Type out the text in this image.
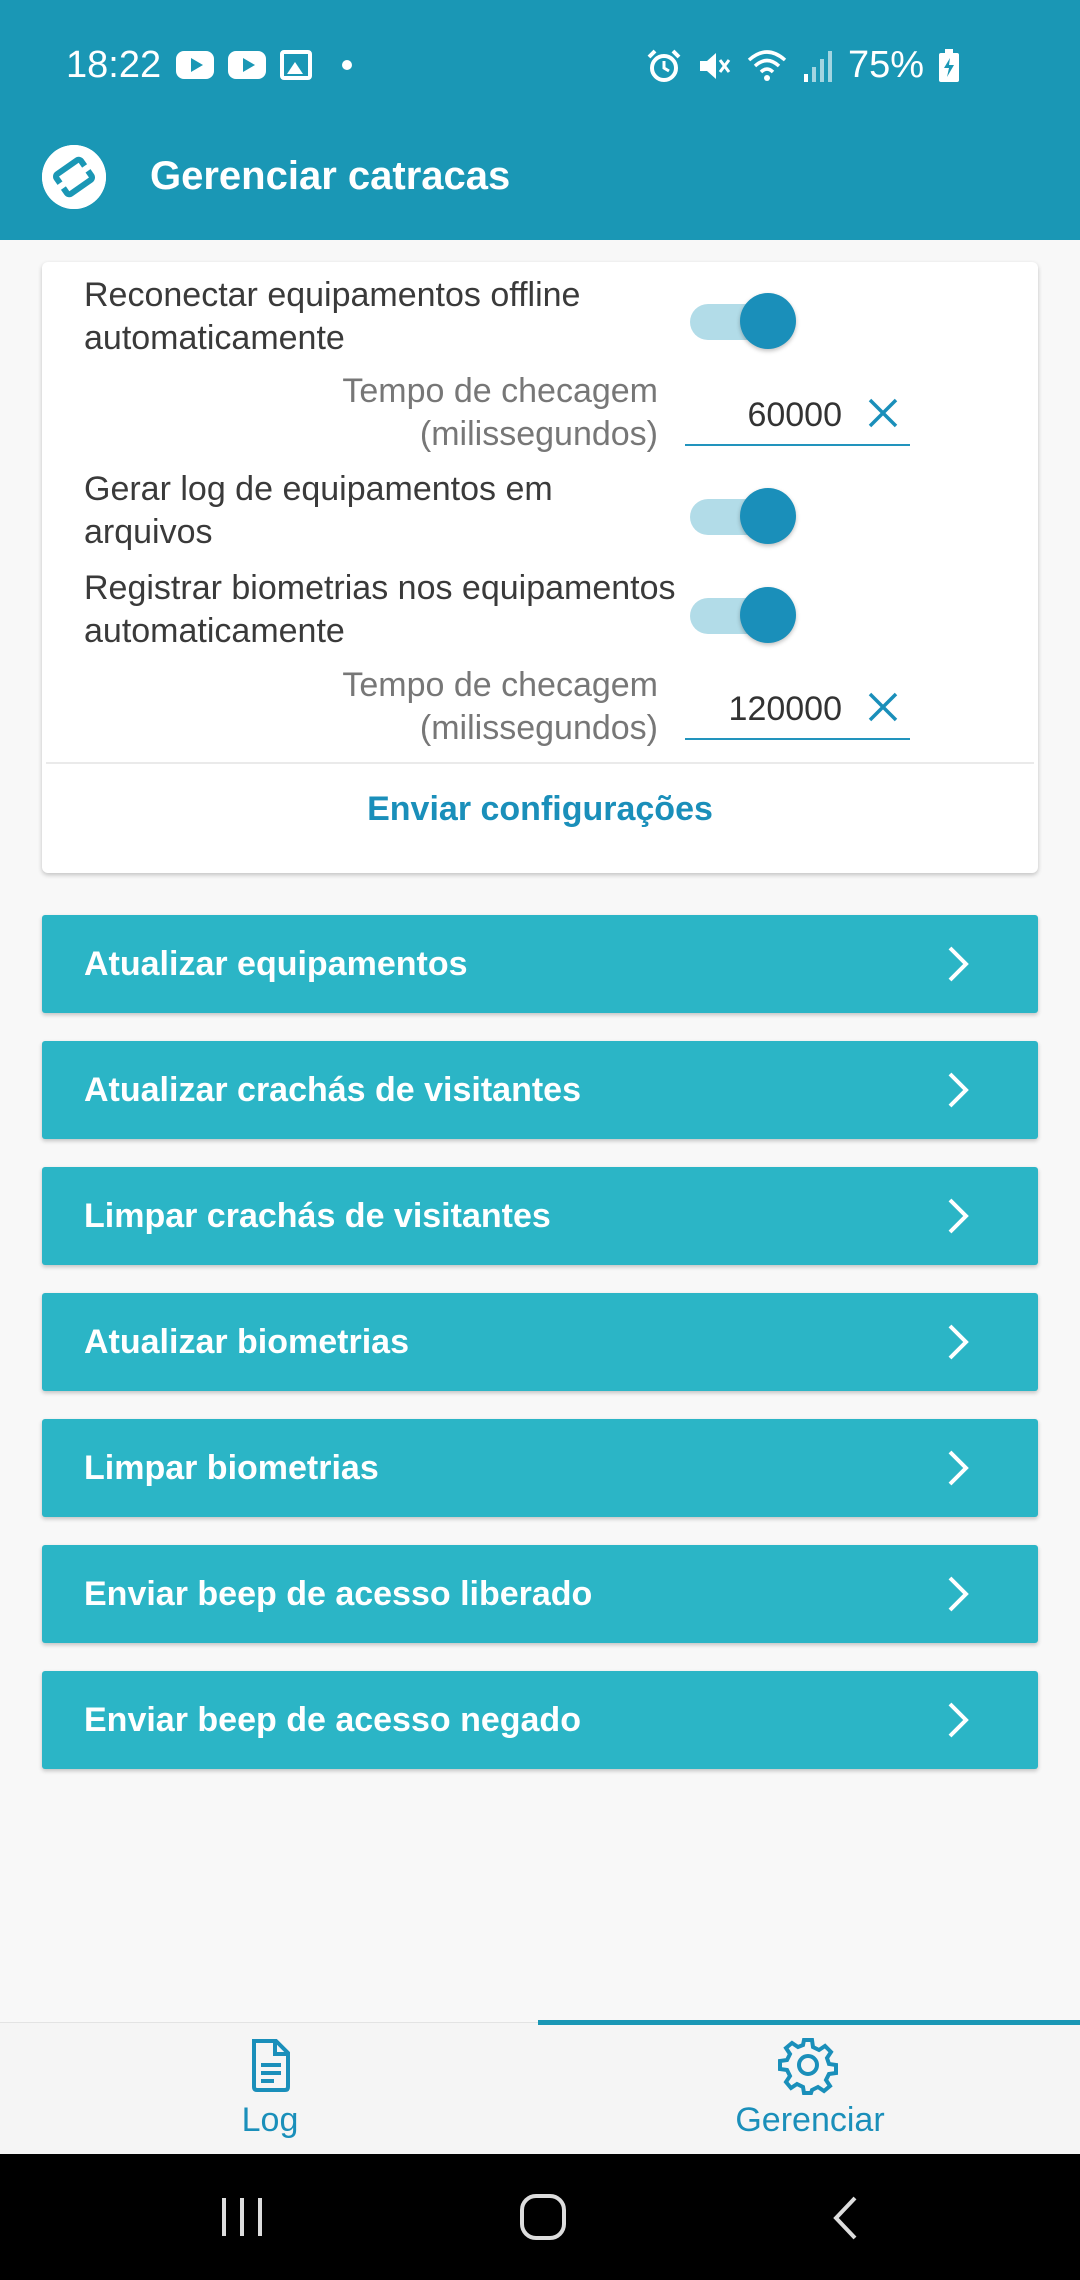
18:22	75%
Gerenciar catracas
Reconectar equipamentos offline automaticamente
Tempo de checagem (milissegundos)	60000
Gerar log de equipamentos em arquivos
Registrar biometrias nos equipamentos automaticamente
Tempo de checagem (milissegundos) 120000
Enviar configurações
Atualizar equipamentos
Atualizar crachás de visitantes
Limpar crachás de visitantes
Atualizar biometrias
Limpar biometrias
Enviar beep de acesso liberado
Enviar beep de acesso negado
Log	Gerenciar
